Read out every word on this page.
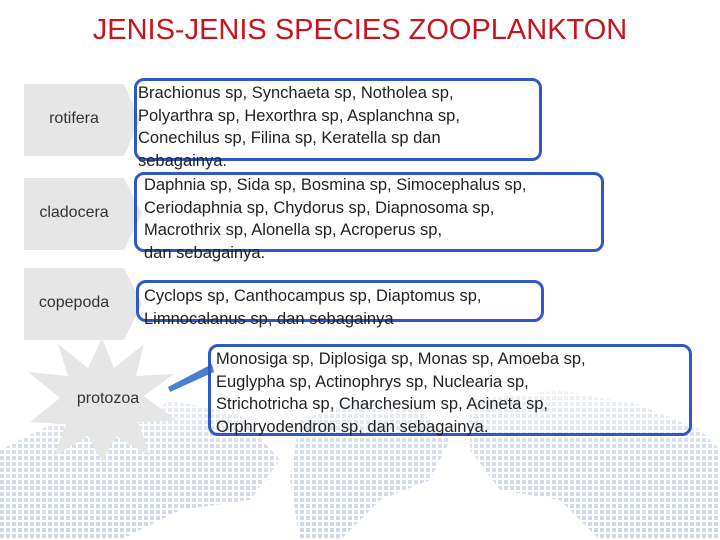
JENIS-JENIS SPECIES ZOOPLANKTON
rotifera
cladocera
copepoda
protozoa
Brachionus sp, Synchaeta sp, Notholea sp,
Polyarthra sp, Hexorthra sp, Asplanchna sp,
Conechilus sp, Filina sp, Keratella sp dan
sebagainya.
Daphnia sp, Sida sp, Bosmina sp, Simocephalus sp,
Ceriodaphnia sp, Chydorus sp, Diapnosoma sp,
Macrothrix sp, Alonella sp, Acroperus sp,
dan sebagainya.
Cyclops sp, Canthocampus sp, Diaptomus sp,
Limnocalanus sp, dan sebagainya
Monosiga sp, Diplosiga sp, Monas sp, Amoeba sp,
Euglypha sp, Actinophrys sp, Nuclearia sp,
Strichotricha sp, Charchesium sp, Acineta sp,
Orphryodendron sp, dan sebagainya.
